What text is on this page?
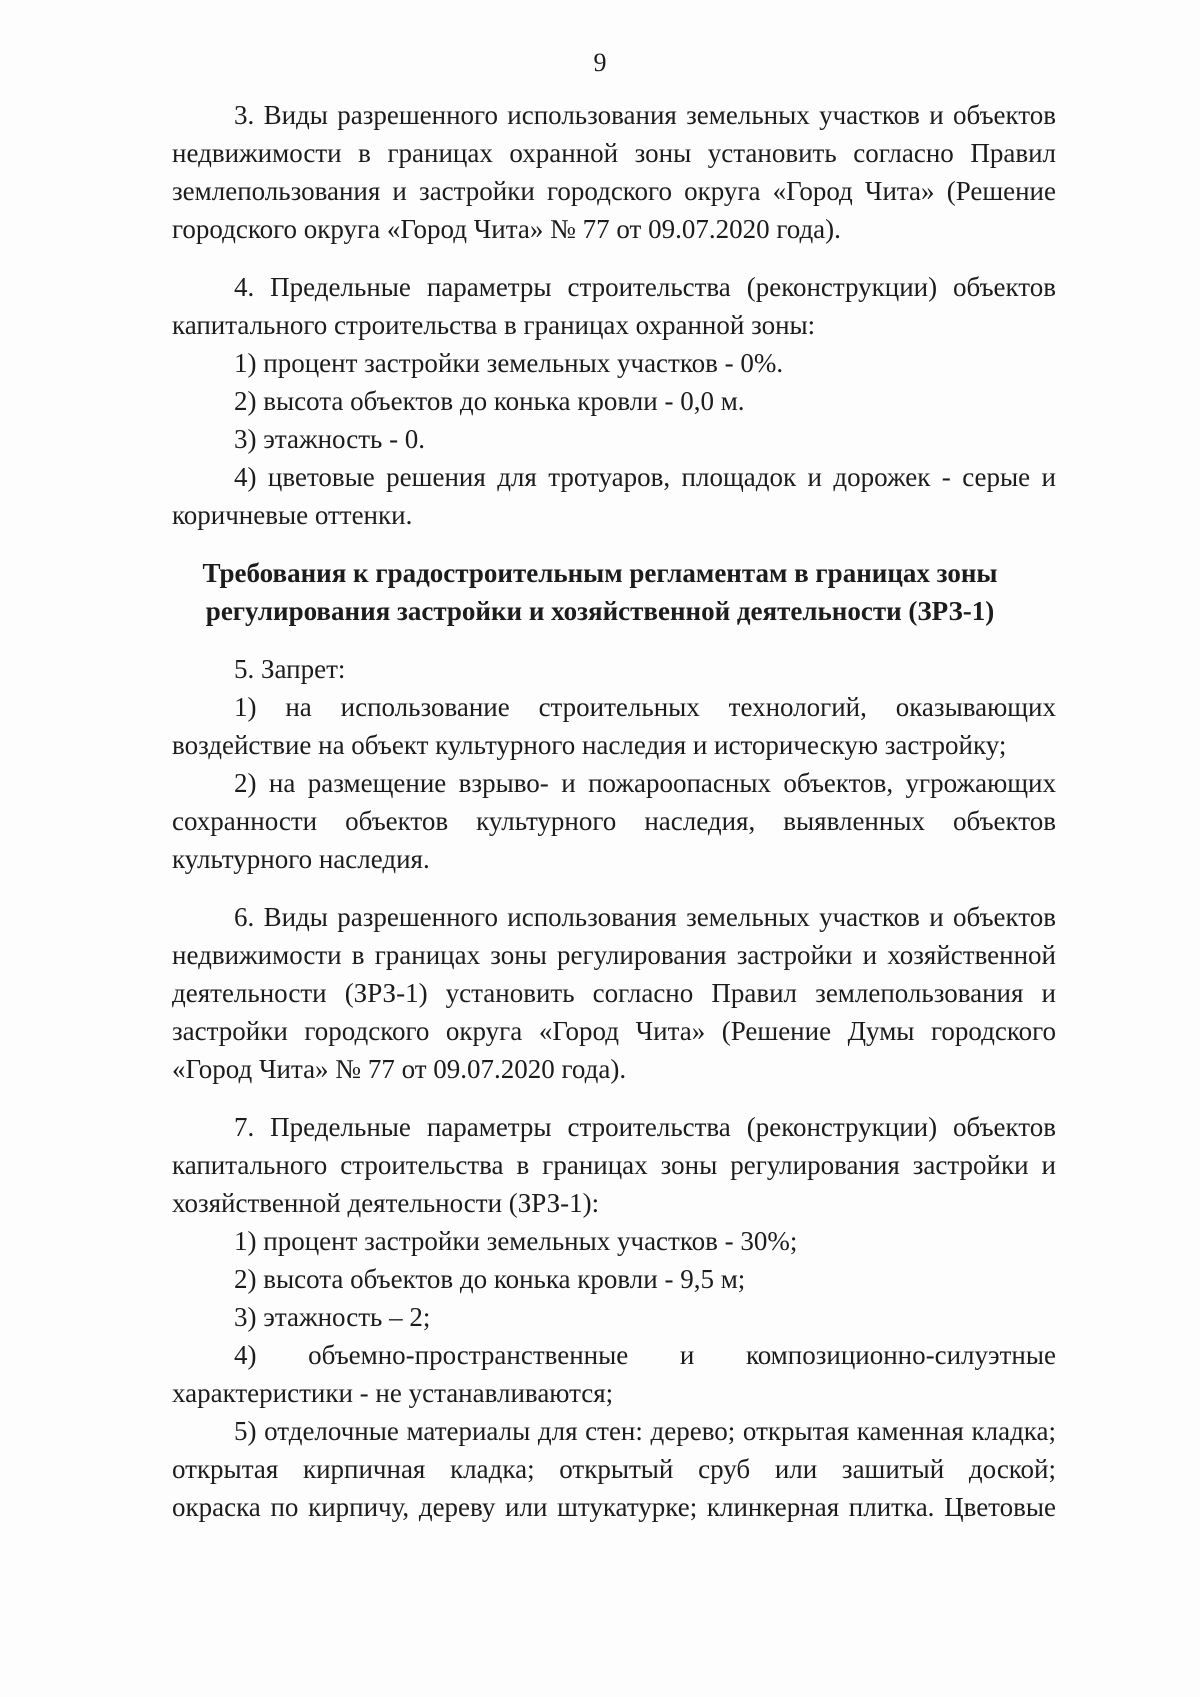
9
3. Виды разрешенного использования земельных участков и объектов
недвижимости в границах охранной зоны установить согласно Правил
землепользования и застройки городского округа «Город Чита» (Решение
городского округа «Город Чита» № 77 от 09.07.2020 года).
4. Предельные параметры строительства (реконструкции) объектов
капитального строительства в границах охранной зоны:
1) процент застройки земельных участков - 0%.
2) высота объектов до конька кровли - 0,0 м.
3) этажность - 0.
4) цветовые решения для тротуаров, площадок и дорожек - серые и
коричневые оттенки.
Требования к градостроительным регламентам в границах зоны
регулирования застройки и хозяйственной деятельности (ЗРЗ-1)
5. Запрет:
1) на использование строительных технологий, оказывающих
воздействие на объект культурного наследия и историческую застройку;
2) на размещение взрыво- и пожароопасных объектов, угрожающих
сохранности объектов культурного наследия, выявленных объектов
культурного наследия.
6. Виды разрешенного использования земельных участков и объектов
недвижимости в границах зоны регулирования застройки и хозяйственной
деятельности (ЗРЗ-1) установить согласно Правил землепользования и
застройки городского округа «Город Чита» (Решение Думы городского
«Город Чита» № 77 от 09.07.2020 года).
7. Предельные параметры строительства (реконструкции) объектов
капитального строительства в границах зоны регулирования застройки и
хозяйственной деятельности (ЗРЗ-1):
1) процент застройки земельных участков - 30%;
2) высота объектов до конька кровли - 9,5 м;
3) этажность – 2;
4) объемно-пространственные и композиционно-силуэтные
характеристики - не устанавливаются;
5) отделочные материалы для стен: дерево; открытая каменная кладка;
открытая кирпичная кладка; открытый сруб или зашитый доской;
окраска по кирпичу, дереву или штукатурке; клинкерная плитка. Цветовые
